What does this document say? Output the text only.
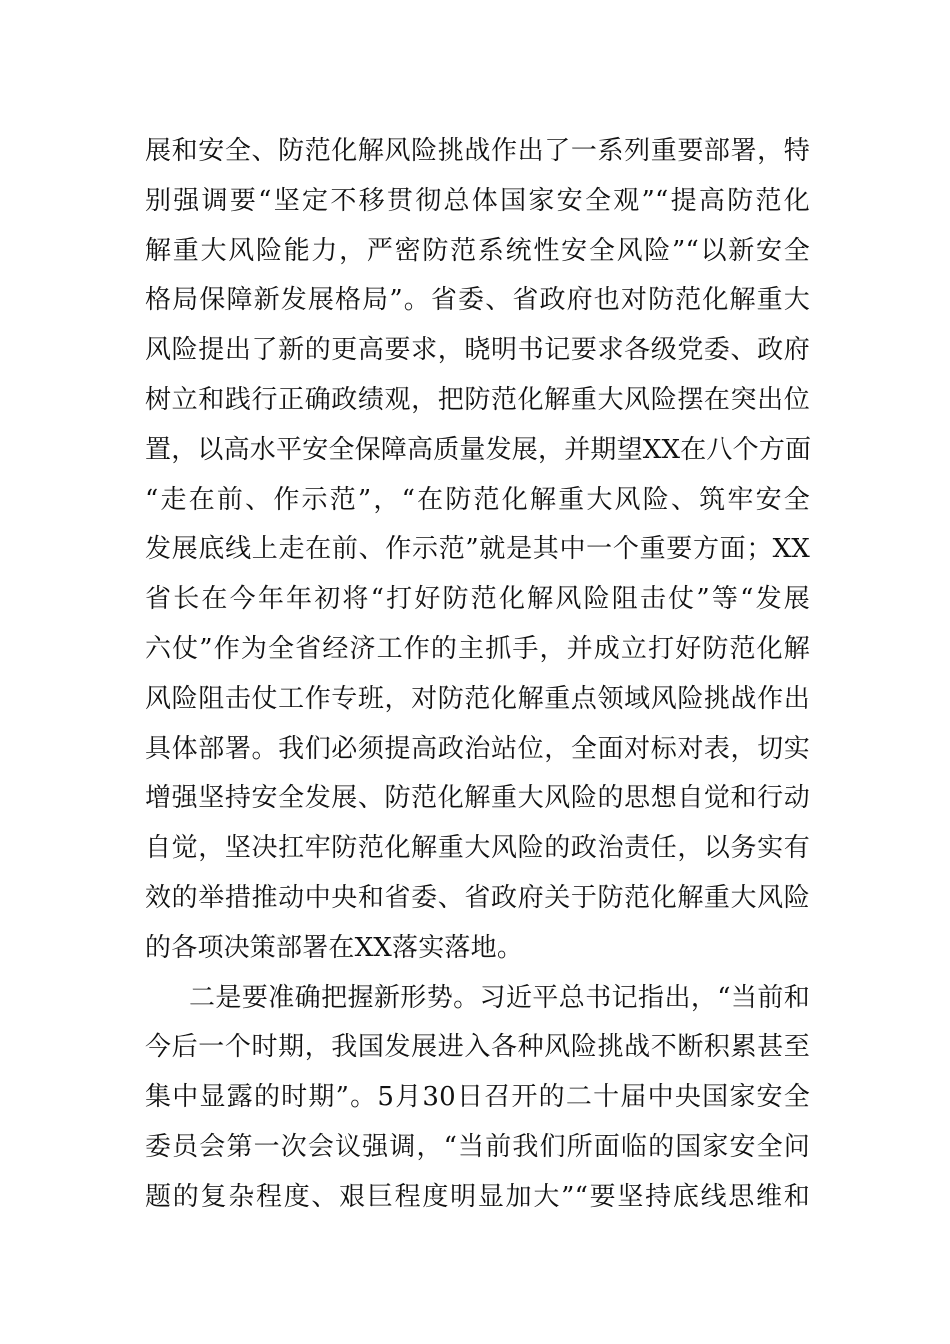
展和安全、防范化解风险挑战作出了一系列重要部署，特
别强调要“坚定不移贯彻总体国家安全观”“提高防范化
解重大风险能力，严密防范系统性安全风险”“以新安全
格局保障新发展格局”。省委、省政府也对防范化解重大
风险提出了新的更高要求，晓明书记要求各级党委、政府
树立和践行正确政绩观，把防范化解重大风险摆在突出位
置，以高水平安全保障高质量发展，并期望XX在八个方面
“走在前、作示范”，“在防范化解重大风险、筑牢安全
发展底线上走在前、作示范”就是其中一个重要方面；XX
省长在今年年初将“打好防范化解风险阻击仗”等“发展
六仗”作为全省经济工作的主抓手，并成立打好防范化解
风险阻击仗工作专班，对防范化解重点领域风险挑战作出
具体部署。我们必须提高政治站位，全面对标对表，切实
增强坚持安全发展、防范化解重大风险的思想自觉和行动
自觉，坚决扛牢防范化解重大风险的政治责任，以务实有
效的举措推动中央和省委、省政府关于防范化解重大风险
的各项决策部署在XX落实落地。
二是要准确把握新形势。习近平总书记指出，“当前和
今后一个时期，我国发展进入各种风险挑战不断积累甚至
集中显露的时期”。5月30日召开的二十届中央国家安全
委员会第一次会议强调，“当前我们所面临的国家安全问
题的复杂程度、艰巨程度明显加大”“要坚持底线思维和
